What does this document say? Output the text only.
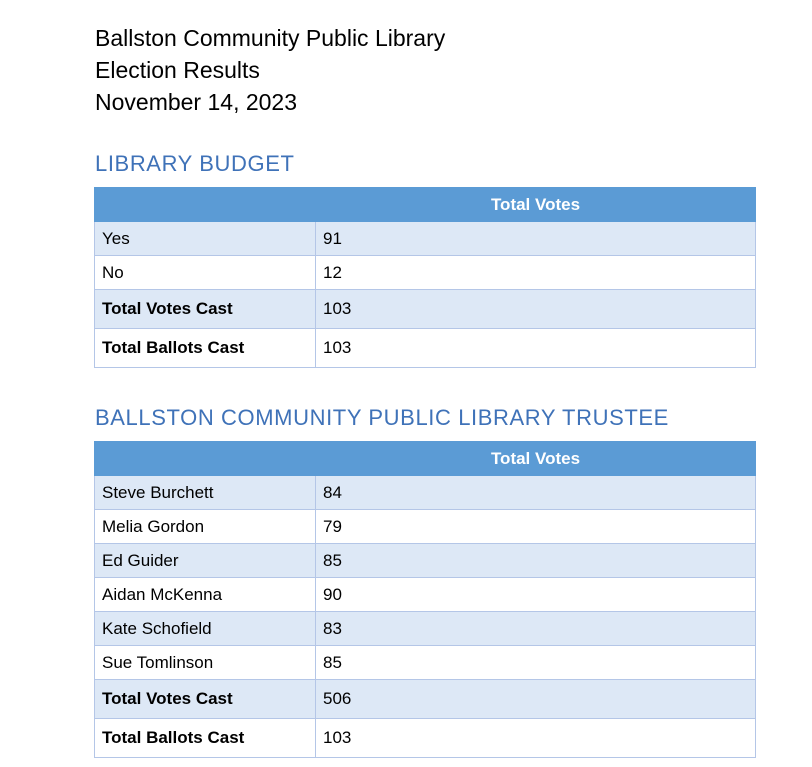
Ballston Community Public Library
Election Results
November 14, 2023
LIBRARY BUDGET
	Total Votes
Yes	91
No	12
Total Votes Cast	103
Total Ballots Cast	103
BALLSTON COMMUNITY PUBLIC LIBRARY TRUSTEE
	Total Votes
Steve Burchett	84
Melia Gordon	79
Ed Guider	85
Aidan McKenna	90
Kate Schofield	83
Sue Tomlinson	85
Total Votes Cast	506
Total Ballots Cast	103
